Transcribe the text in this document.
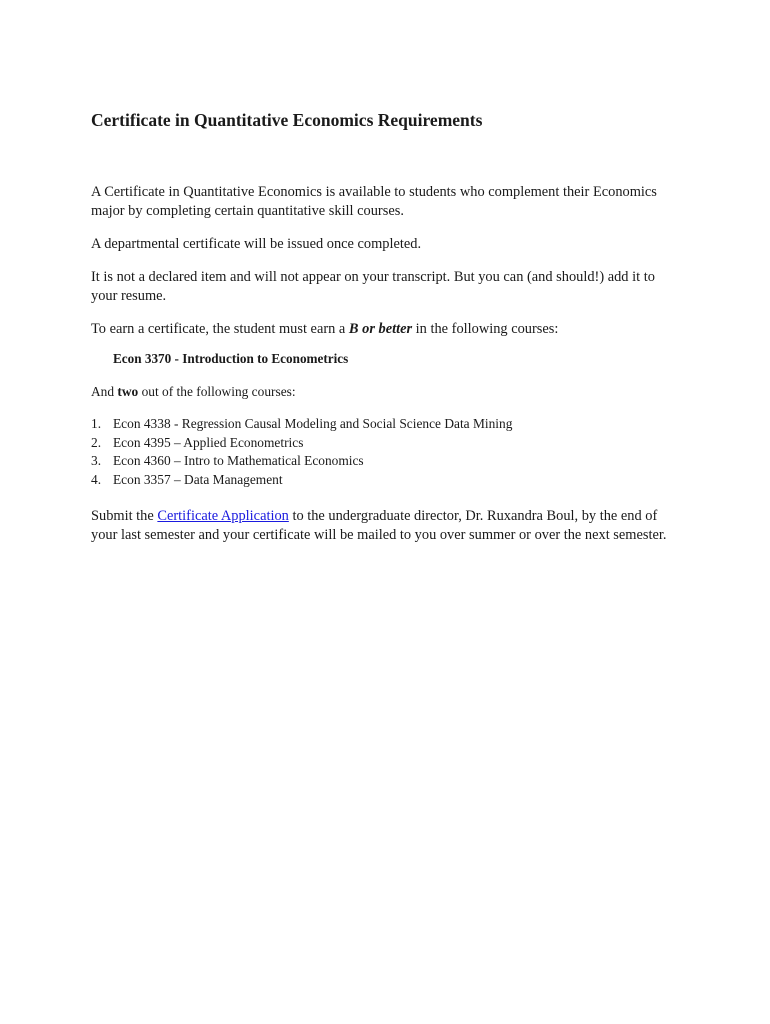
Certificate in Quantitative Economics Requirements

A Certificate in Quantitative Economics is available to students who complement their Economics major by completing certain quantitative skill courses.

A departmental certificate will be issued once completed.

It is not a declared item and will not appear on your transcript. But you can (and should!) add it to your resume.

To earn a certificate, the student must earn a B or better in the following courses:

Econ 3370 - Introduction to Econometrics

And two out of the following courses:

1. Econ 4338 - Regression Causal Modeling and Social Science Data Mining
2. Econ 4395 – Applied Econometrics
3. Econ 4360 – Intro to Mathematical Economics
4. Econ 3357 – Data Management

Submit the Certificate Application to the undergraduate director, Dr. Ruxandra Boul, by the end of your last semester and your certificate will be mailed to you over summer or over the next semester.
